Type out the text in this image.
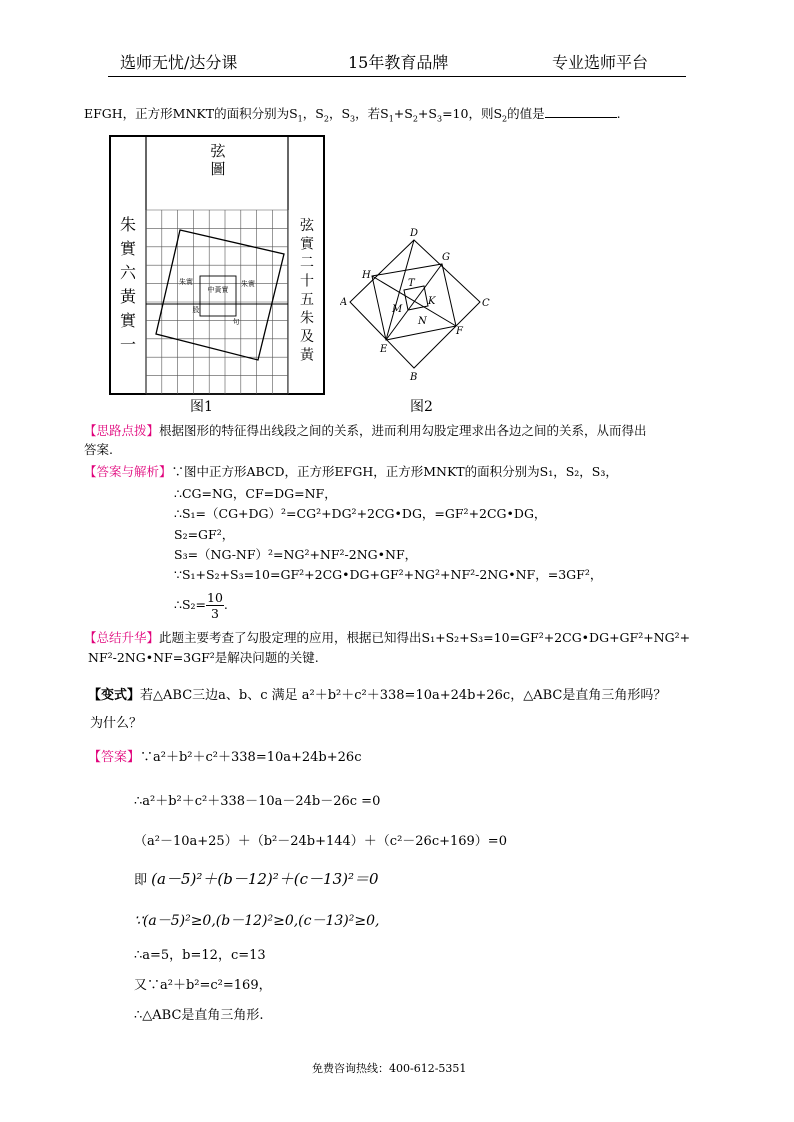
选师无忧/达分课	15年教育品牌	专业选师平台
EFGH，正方形MNKT的面积分别为$S_1$，$S_2$，$S_3$，若$S_1+S_2+S_3=10$，则$S_2$的值是	.
朱
實
六
黃
實
一
弦
實
二
十
五
朱
及
黃
朱實
中黃實
朱實
股
句
弦
圖
图1
A
B
C
D
E
F
G
H
M
N
K
T
图2
【思路点拨】根据图形的特征得出线段之间的关系，进而利用勾股定理求出各边之间的关系，从而得出
答案.
【答案与解析】∵图中正方形ABCD，正方形EFGH，正方形MNKT的面积分别为S₁，S₂，S₃，
∴CG=NG，CF=DG=NF，
∴S₁=（CG+DG）²=CG²+DG²+2CG•DG，=GF²+2CG•DG，
S₂=GF²，
S₃=（NG-NF）²=NG²+NF²-2NG•NF，
∵S₁+S₂+S₃=10=GF²+2CG•DG+GF²+NG²+NF²-2NG•NF，=3GF²，
∴S₂= $\frac{10}{3}$ .
【总结升华】此题主要考查了勾股定理的应用，根据已知得出S₁+S₂+S₃=10=GF²+2CG•DG+GF²+NG²+
NF²-2NG•NF=3GF²是解决问题的关键.
【变式】若△ABC三边a、b、c 满足 a²＋b²＋c²＋338=10a+24b+26c，△ABC是直角三角形吗？
为什么？
【答案】∵a²＋b²＋c²＋338=10a+24b+26c
∴a²＋b²＋c²＋338－10a－24b－26c =0
（a²－10a+25）＋（b²－24b+144）＋（c²－26c+169）=0
即 (a－5)²＋(b－12)²＋(c－13)²＝0
∵(a－5)²≥0,(b－12)²≥0,(c－13)²≥0,
∴a=5，b=12，c=13
又∵a²＋b²=c²=169，
∴△ABC是直角三角形.
免费咨询热线：400-612-5351
